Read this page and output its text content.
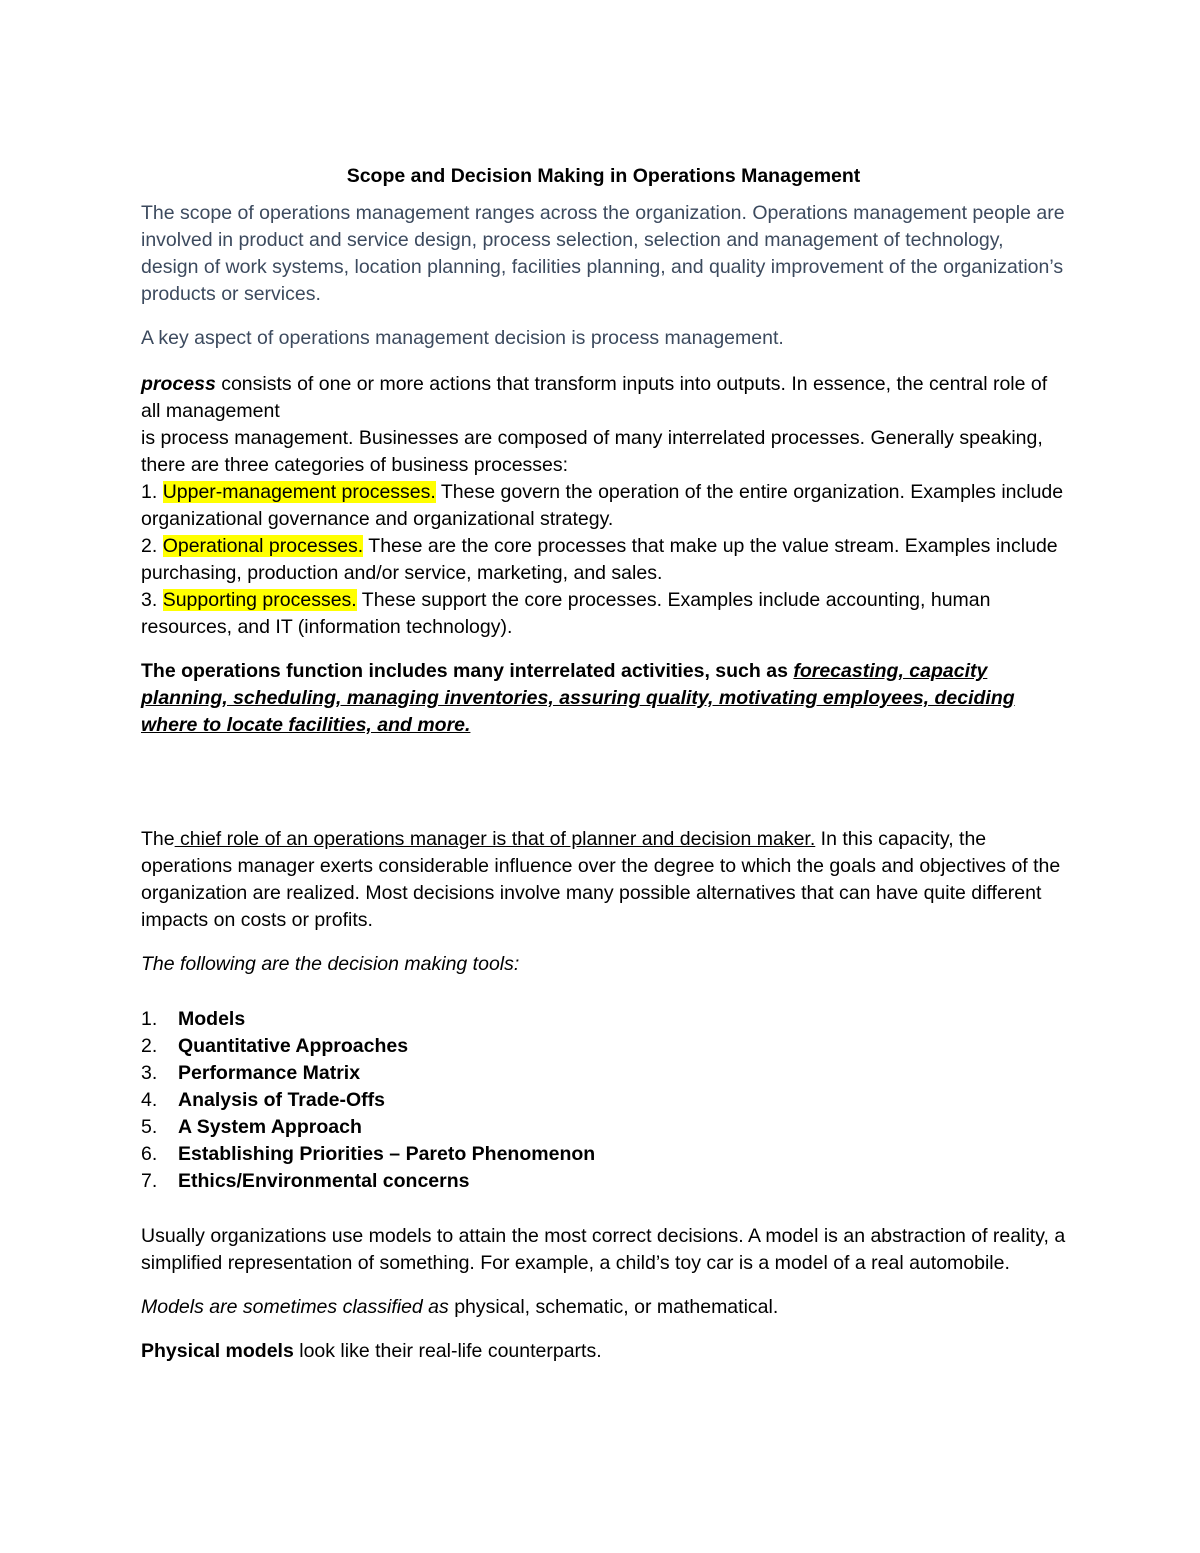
Scope and Decision Making in Operations Management

The scope of operations management ranges across the organization. Operations management people are involved in product and service design, process selection, selection and management of technology, design of work systems, location planning, facilities planning, and quality improvement of the organization’s products or services.

A key aspect of operations management decision is process management.

process consists of one or more actions that transform inputs into outputs. In essence, the central role of all management
is process management. Businesses are composed of many interrelated processes. Generally speaking, there are three categories of business processes:
1. Upper-management processes. These govern the operation of the entire organization. Examples include organizational governance and organizational strategy.
2. Operational processes. These are the core processes that make up the value stream. Examples include purchasing, production and/or service, marketing, and sales.
3. Supporting processes. These support the core processes. Examples include accounting, human resources, and IT (information technology).

The operations function includes many interrelated activities, such as forecasting, capacity planning, scheduling, managing inventories, assuring quality, motivating employees, deciding where to locate facilities, and more.

The chief role of an operations manager is that of planner and decision maker. In this capacity, the operations manager exerts considerable influence over the degree to which the goals and objectives of the organization are realized. Most decisions involve many possible alternatives that can have quite different impacts on costs or profits.

The following are the decision making tools:

1.	Models
2.	Quantitative Approaches
3.	Performance Matrix
4.	Analysis of Trade-Offs
5.	A System Approach
6.	Establishing Priorities – Pareto Phenomenon
7.	Ethics/Environmental concerns

Usually organizations use models to attain the most correct decisions. A model is an abstraction of reality, a simplified representation of something. For example, a child’s toy car is a model of a real automobile.

Models are sometimes classified as physical, schematic, or mathematical.

Physical models look like their real-life counterparts.
